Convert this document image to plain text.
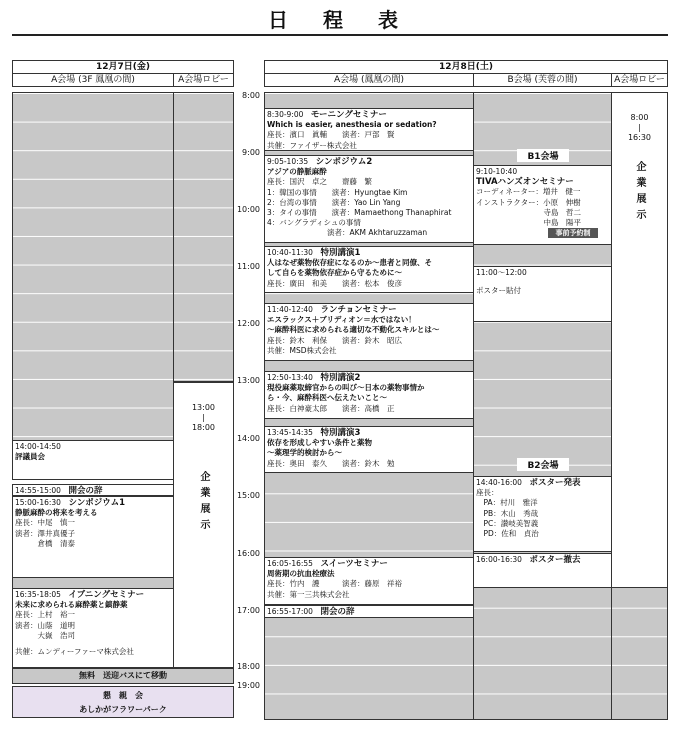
日 程 表
12月7日(金)
A会場 (3F 鳳凰の間)	A会場ロビー
13:00
|
18:00
企業展示
14:00-14:50
評議員会
14:55-15:00　 開会の辞
15:00-16:30　 シンポジウム1
静脈麻酔の将来を考える
座長：中尾　慎一
演者：澤井真優子
　　　倉橋　清泰
16:35-18:05　 イブニングセミナー
未来に求められる麻酔薬と鎮静薬
座長：上村　裕一
演者：山蔭　道明
　　　大嶽　浩司
共催：ムンディーファーマ株式会社
無料　送迎バスにて移動
懇　親　会
あしかがフラワーパーク
12月8日(土)
A会場 (鳳凰の間)	B会場 (芙蓉の間)	A会場ロビー
8:00
9:00
10:00
11:00
12:00
13:00
14:00
15:00
16:00
17:00
18:00
19:00
8:00
|
16:30
企業展示
8:30-9:00　 モーニングセミナー
Which is easier, anesthesia or sedation?
座長：濱口　眞輔　　演者：戸部　賢
共催：ファイザー株式会社
9:05-10:35　 シンポジウム2
アジアの静脈麻酔
座長：国沢　卓之　　齋藤　繁
1：韓国の事情　　演者：Hyungtae Kim
2：台湾の事情　　演者：Yao Lin Yang
3：タイの事情　　演者：Mamaethong Thanaphirat
4：バングラディシュの事情
　　　　　　　　演者：AKM Akhtaruzzaman
10:40-11:30　 特別講演1
人はなぜ薬物依存症になるのか〜患者と同僚、そ
して自らを薬物依存症から守るために〜
座長：廣田　和美　　演者：松本　俊彦
11:40-12:40　 ランチョンセミナー
エスラックス＋ブリディオン＝水ではない！
〜麻酔科医に求められる適切な不動化スキルとは〜
座長：鈴木　利保　　演者：鈴木　昭広
共催：MSD株式会社
12:50-13:40　 特別講演2
現役麻薬取締官からの叫び〜日本の薬物事情か
ら・今、麻酔科医へ伝えたいこと〜
座長：白神豪太郎　　演者：高橋　正
13:45-14:35　 特別講演3
依存を形成しやすい条件と薬物
〜薬理学的検討から〜
座長：奥田　泰久　　演者：鈴木　勉
16:05-16:55　 スイーツセミナー
周術期の抗血栓療法
座長：竹内　護　　　演者：藤原　祥裕
共催：第一三共株式会社
16:55-17:00　 閉会の辞
B1会場
9:10-10:40
TIVAハンズオンセミナー
コーディネーター：増井　健一
インストラクター：小原　伸樹
　　　　　　　　　寺島　哲二
　　　　　　　　　中島　陽平
事前予約制
11:00〜12:00
ポスター貼付
B2会場
14:40-16:00　 ポスター発表
座長：
　PA：村川　雅洋
　PB：木山　秀哉
　PC：讃岐美智義
　PD：佐和　貞治
16:00-16:30　 ポスター撤去
